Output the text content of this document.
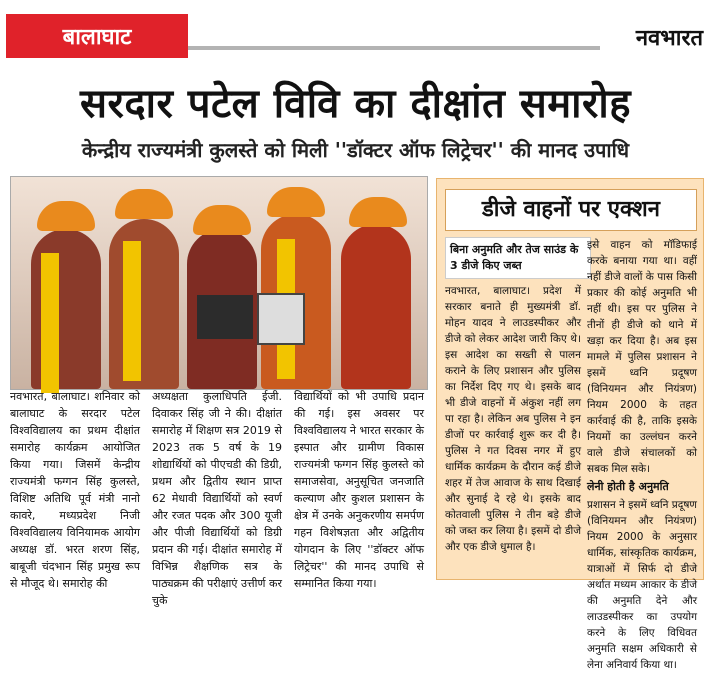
बालाघाट	नवभारत
सरदार पटेल विवि का दीक्षांत समारोह
केन्द्रीय राज्यमंत्री कुलस्ते को मिली ''डॉक्टर ऑफ लिट्रेचर'' की मानद उपाधि

नवभारत, बालाघाट। शनिवार को बालाघाट के सरदार पटेल विश्वविद्यालय का प्रथम दीक्षांत समारोह कार्यक्रम आयोजित किया गया। जिसमें केन्द्रीय राज्यमंत्री फग्गन सिंह कुलस्ते, विशिष्ट अतिथि पूर्व मंत्री नानो कावरे, मध्यप्रदेश निजी विश्वविद्यालय विनियामक आयोग अध्यक्ष डॉ. भरत शरण सिंह, बाबूजी चंदभान सिंह प्रमुख रूप से मौजूद थे। समारोह की

अध्यक्षता कुलाधिपति ईजी. दिवाकर सिंह जी ने की। दीक्षांत समारोह में शिक्षण सत्र 2019 से 2023 तक 5 वर्ष के 19 शोद्यार्थियों को पीएचडी की डिग्री, प्रथम और द्वितीय स्थान प्राप्त 62 मेधावी विद्यार्थियों को स्वर्ण और रजत पदक और 300 यूजी और पीजी विद्यार्थियों को डिग्री प्रदान की गई। दीक्षांत समारोह में विभिन्न शैक्षणिक सत्र के पाठ्यक्रम की परीक्षाएं उत्तीर्ण कर चुके

विद्यार्थियों को भी उपाधि प्रदान की गई। इस अवसर पर विश्वविद्यालय ने भारत सरकार के इस्पात और ग्रामीण विकास राज्यमंत्री फग्गन सिंह कुलस्ते को समाजसेवा, अनुसूचित जनजाति कल्याण और कुशल प्रशासन के क्षेत्र में उनके अनुकरणीय समर्पण गहन विशेषज्ञता और अद्वितीय योगदान के लिए ''डॉक्टर ऑफ लिट्रेचर'' की मानद उपाधि से सम्मानित किया गया।

डीजे वाहनों पर एक्शन
बिना अनुमति और तेज साउंड के 3 डीजे किए जब्त
नवभारत, बालाघाट। प्रदेश में सरकार बनाते ही मुख्यमंत्री डॉ. मोहन यादव ने लाउडस्पीकर और डीजे को लेकर आदेश जारी किए थे। इस आदेश का सख्ती से पालन कराने के लिए प्रशासन और पुलिस का निर्देश दिए गए थे। इसके बाद भी डीजे वाहनों में अंकुश नहीं लग पा रहा है। लेकिन अब पुलिस ने इन डीजों पर कार्रवाई शुरू कर दी है। पुलिस ने गत दिवस नगर में हुए धार्मिक कार्यक्रम के दौरान कई डीजे शहर में तेज आवाज के साथ दिखाई और सुनाई दे रहे थे। इसके बाद कोतवाली पुलिस ने तीन बड़े डीजे को जब्त कर लिया है। इसमें दो डीजे और एक डीजे धुमाल है।
इसे वाहन को मॉडिफाई करके बनाया गया था। वहीं नहीं डीजे वालों के पास किसी प्रकार की कोई अनुमति भी नहीं थी। इस पर पुलिस ने तीनों ही डीजे को थाने में खड़ा कर दिया है। अब इस मामले में पुलिस प्रशासन ने इसमें ध्वनि प्रदूषण (विनियमन और नियंत्रण) नियम 2000 के तहत कार्रवाई की है, ताकि इसके नियमों का उल्लंघन करने वाले डीजे संचालकों को सबक मिल सके।
लेनी होती है अनुमति
प्रशासन ने इसमें ध्वनि प्रदूषण (विनियमन और नियंत्रण) नियम 2000 के अनुसार धार्मिक, सांस्कृतिक कार्यक्रम, यात्राओं में सिर्फ दो डीजे अर्थात मध्यम आकार के डीजे की अनुमति देने और लाउडस्पीकर का उपयोग करने के लिए विधिवत अनुमति सक्षम अधिकारी से लेना अनिवार्य किया था।
